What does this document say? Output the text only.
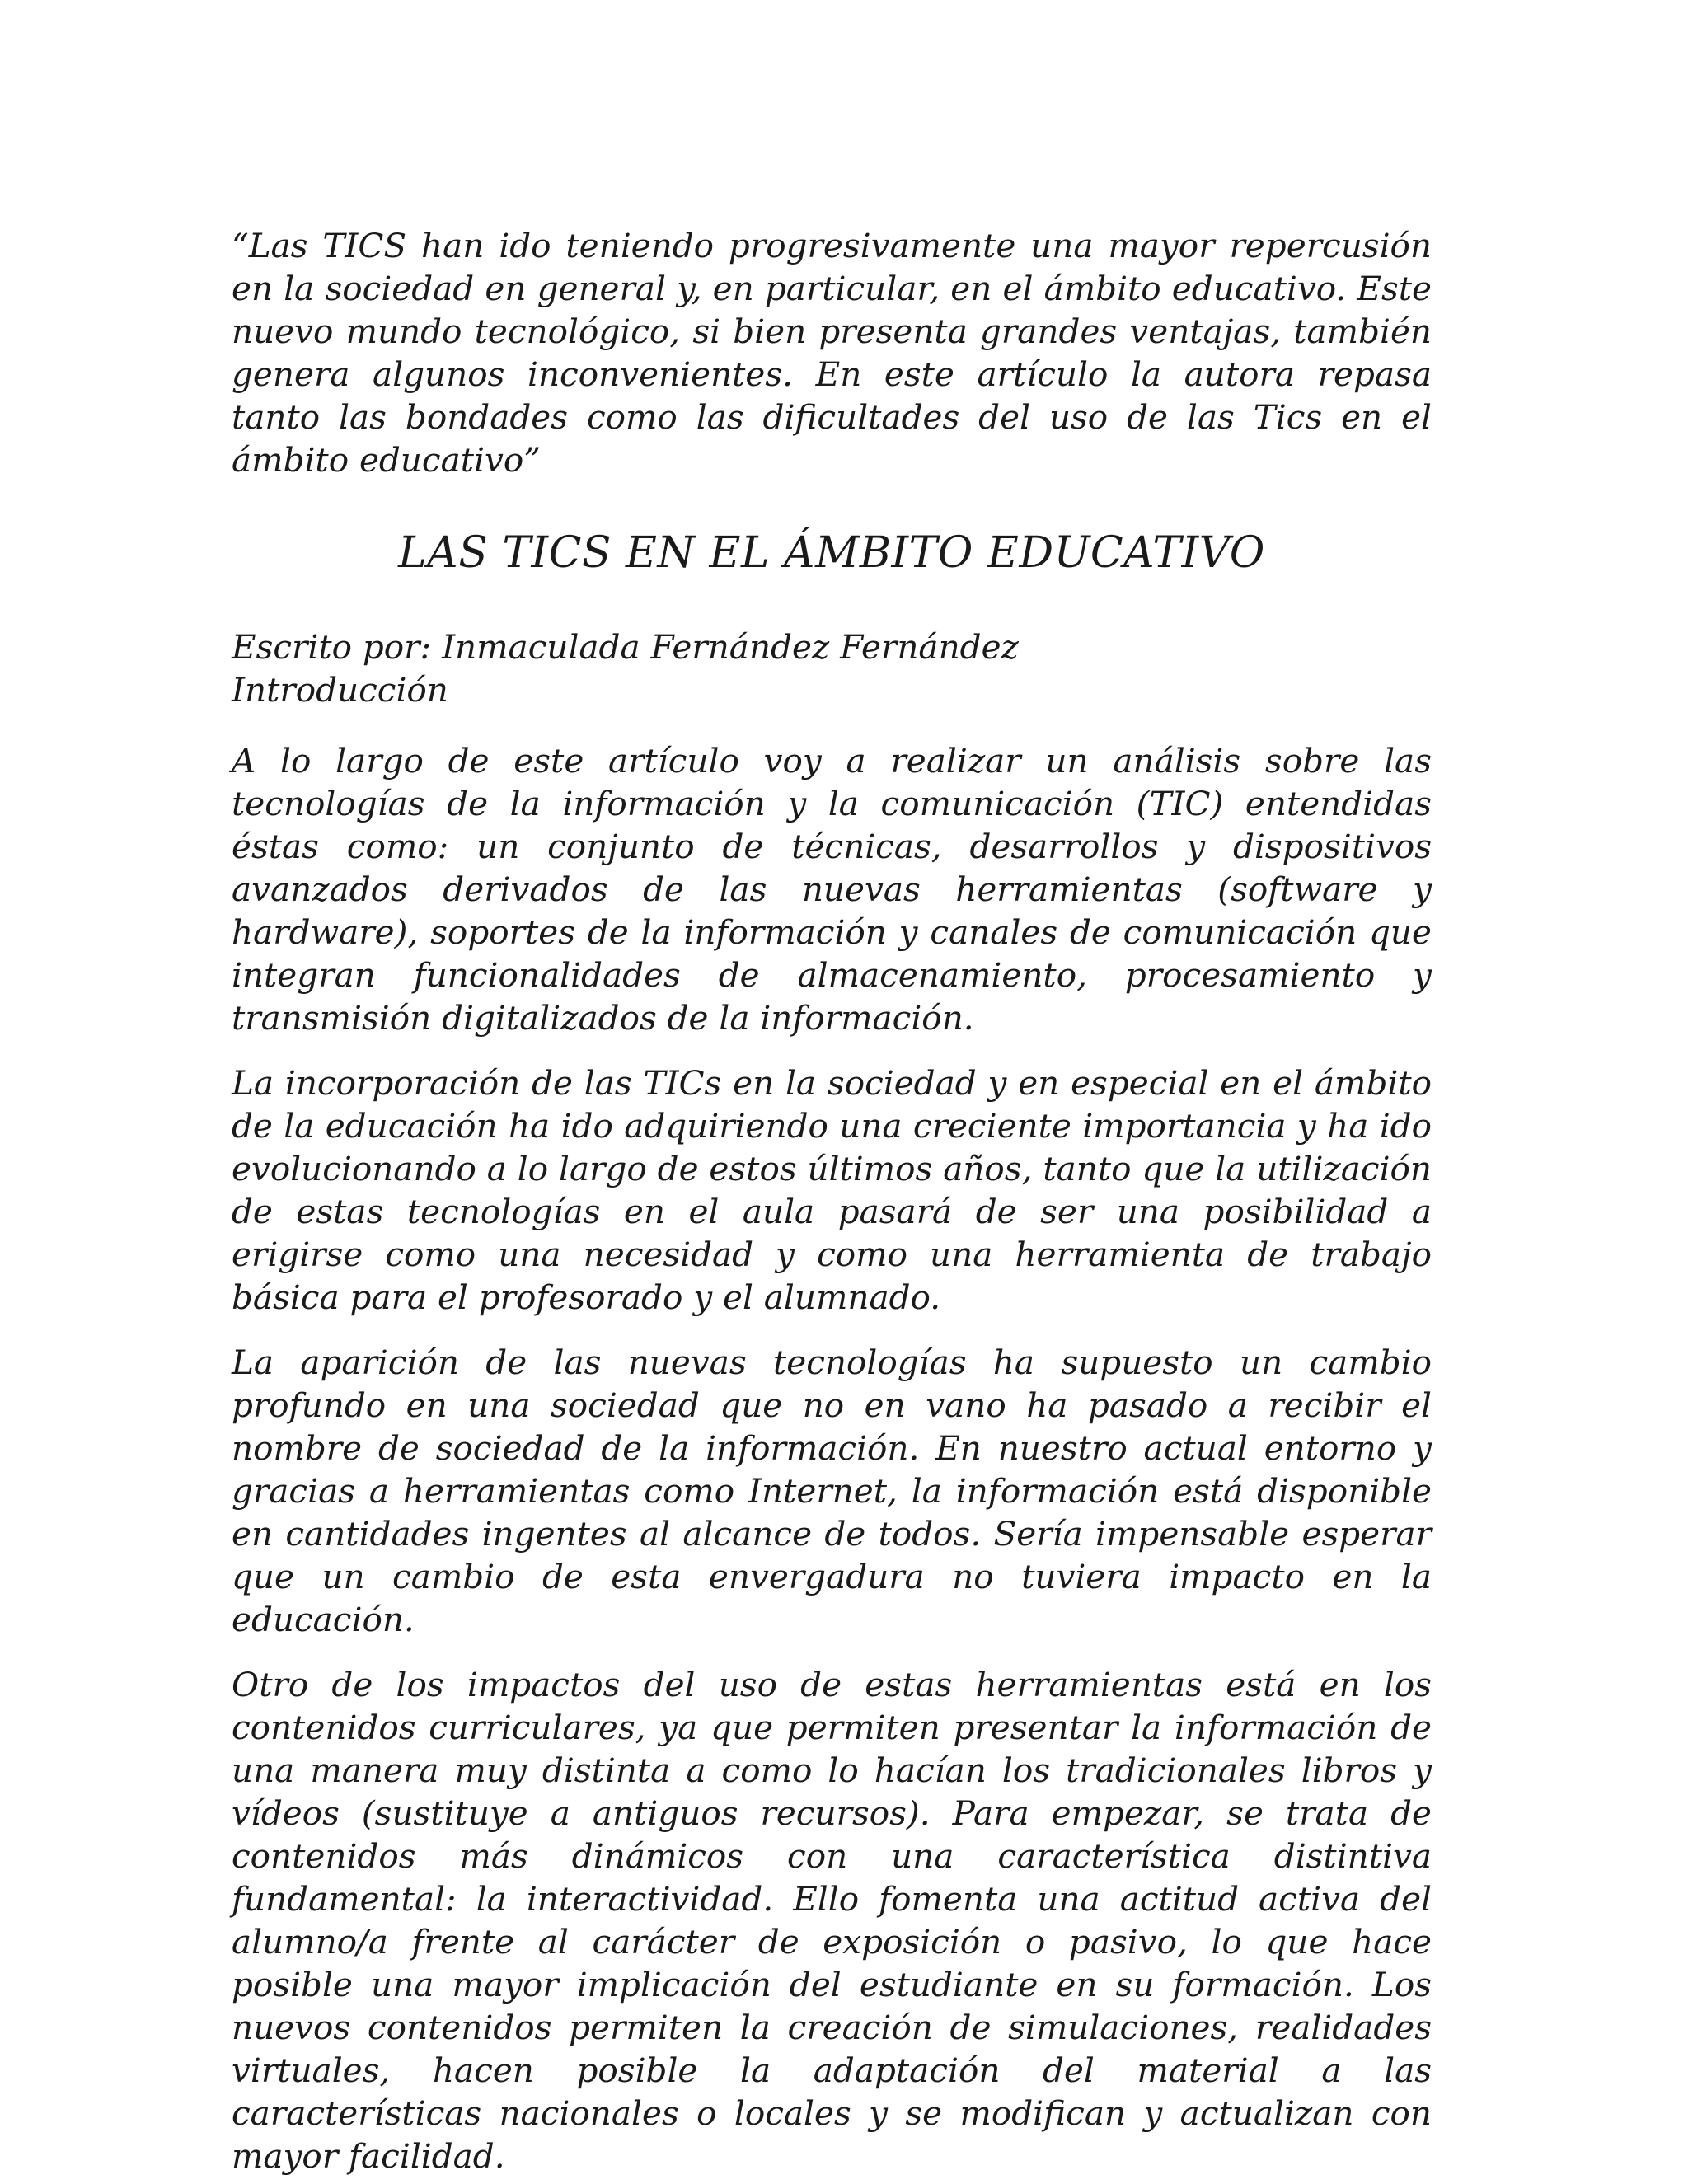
“Las TICS han ido teniendo progresivamente una mayor repercusión en la sociedad en general y, en particular, en el ámbito educativo. Este nuevo mundo tecnológico, si bien presenta grandes ventajas, también genera algunos inconvenientes. En este artículo la autora repasa tanto las bondades como las dificultades del uso de las Tics en el ámbito educativo”

LAS TICS EN EL ÁMBITO EDUCATIVO

Escrito por: Inmaculada Fernández Fernández

Introducción

A lo largo de este artículo voy a realizar un análisis sobre las tecnologías de la información y la comunicación (TIC) entendidas éstas como: un conjunto de técnicas, desarrollos y dispositivos avanzados derivados de las nuevas herramientas (software y hardware), soportes de la información y canales de comunicación que integran funcionalidades de almacenamiento, procesamiento y transmisión digitalizados de la información.

La incorporación de las TICs en la sociedad y en especial en el ámbito de la educación ha ido adquiriendo una creciente importancia y ha ido evolucionando a lo largo de estos últimos años, tanto que la utilización de estas tecnologías en el aula pasará de ser una posibilidad a erigirse como una necesidad y como una herramienta de trabajo básica para el profesorado y el alumnado.

La aparición de las nuevas tecnologías ha supuesto un cambio profundo en una sociedad que no en vano ha pasado a recibir el nombre de sociedad de la información. En nuestro actual entorno y gracias a herramientas como Internet, la información está disponible en cantidades ingentes al alcance de todos. Sería impensable esperar que un cambio de esta envergadura no tuviera impacto en la educación.

Otro de los impactos del uso de estas herramientas está en los contenidos curriculares, ya que permiten presentar la información de una manera muy distinta a como lo hacían los tradicionales libros y vídeos (sustituye a antiguos recursos). Para empezar, se trata de contenidos más dinámicos con una característica distintiva fundamental: la interactividad. Ello fomenta una actitud activa del alumno/a frente al carácter de exposición o pasivo, lo que hace posible una mayor implicación del estudiante en su formación. Los nuevos contenidos permiten la creación de simulaciones, realidades virtuales, hacen posible la adaptación del material a las características nacionales o locales y se modifican y actualizan con mayor facilidad.
